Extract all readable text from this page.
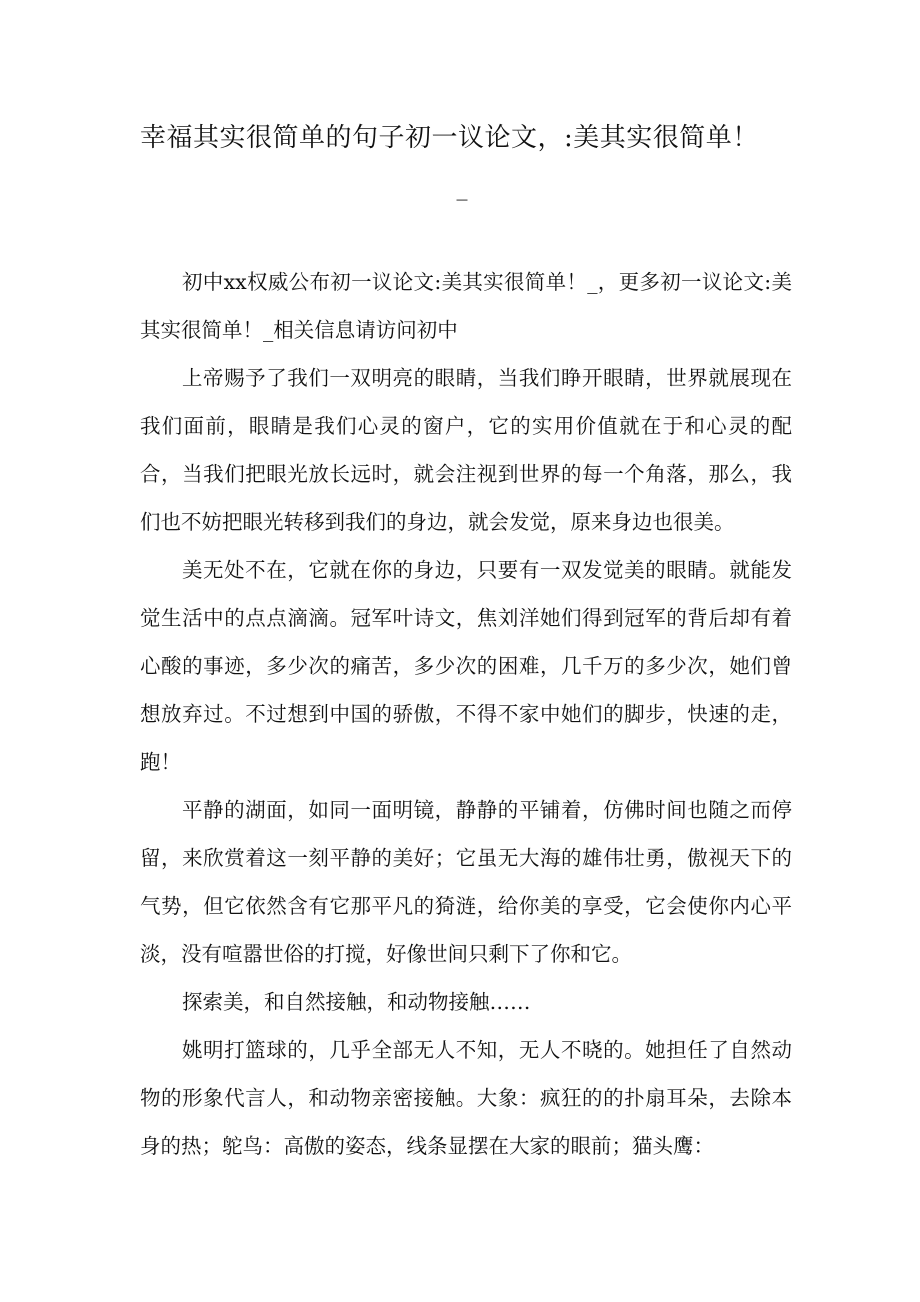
幸福其实很简单的句子初一议论文，:美其实很简单！
_

初中xx权威公布初一议论文:美其实很简单！_，更多初一议论文:美其实很简单！_相关信息请访问初中

上帝赐予了我们一双明亮的眼睛，当我们睁开眼睛，世界就展现在我们面前，眼睛是我们心灵的窗户，它的实用价值就在于和心灵的配合，当我们把眼光放长远时，就会注视到世界的每一个角落，那么，我们也不妨把眼光转移到我们的身边，就会发觉，原来身边也很美。

美无处不在，它就在你的身边，只要有一双发觉美的眼睛。就能发觉生活中的点点滴滴。冠军叶诗文，焦刘洋她们得到冠军的背后却有着心酸的事迹，多少次的痛苦，多少次的困难，几千万的多少次，她们曾想放弃过。不过想到中国的骄傲，不得不家中她们的脚步，快速的走，跑！

平静的湖面，如同一面明镜，静静的平铺着，仿佛时间也随之而停留，来欣赏着这一刻平静的美好；它虽无大海的雄伟壮勇，傲视天下的气势，但它依然含有它那平凡的猗涟，给你美的享受，它会使你内心平淡，没有喧嚣世俗的打搅，好像世间只剩下了你和它。

探索美，和自然接触，和动物接触……

姚明打篮球的，几乎全部无人不知，无人不晓的。她担任了自然动物的形象代言人，和动物亲密接触。大象：疯狂的的扑扇耳朵，去除本身的热；鸵鸟：高傲的姿态，线条显摆在大家的眼前；猫头鹰：
